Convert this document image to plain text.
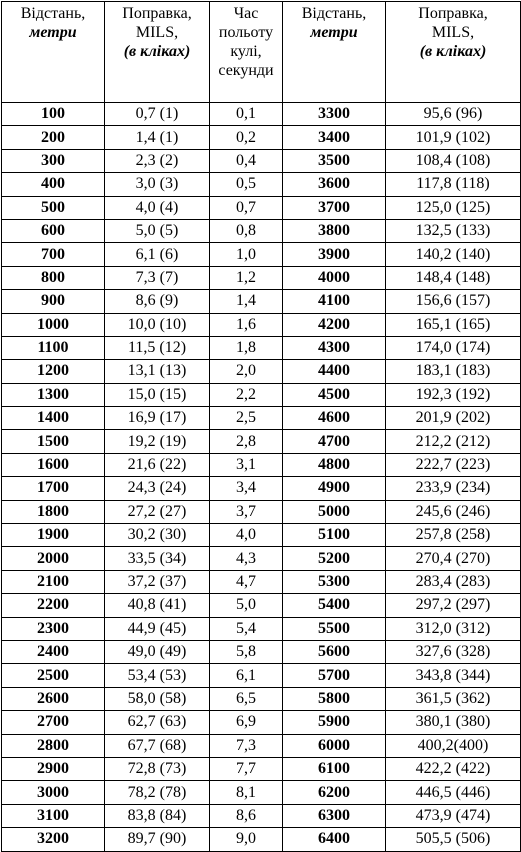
Відстань,
метри	Поправка,
MILS,
(в кліках)	Час
польоту
кулі,
секунди	Відстань,
метри	Поправка,
MILS,
(в кліках)

100	0,7 (1)	0,1	3300	95,6 (96)
200	1,4 (1)	0,2	3400	101,9 (102)
300	2,3 (2)	0,4	3500	108,4 (108)
400	3,0 (3)	0,5	3600	117,8 (118)
500	4,0 (4)	0,7	3700	125,0 (125)
600	5,0 (5)	0,8	3800	132,5 (133)
700	6,1 (6)	1,0	3900	140,2 (140)
800	7,3 (7)	1,2	4000	148,4 (148)
900	8,6 (9)	1,4	4100	156,6 (157)
1000	10,0 (10)	1,6	4200	165,1 (165)
1100	11,5 (12)	1,8	4300	174,0 (174)
1200	13,1 (13)	2,0	4400	183,1 (183)
1300	15,0 (15)	2,2	4500	192,3 (192)
1400	16,9 (17)	2,5	4600	201,9 (202)
1500	19,2 (19)	2,8	4700	212,2 (212)
1600	21,6 (22)	3,1	4800	222,7 (223)
1700	24,3 (24)	3,4	4900	233,9 (234)
1800	27,2 (27)	3,7	5000	245,6 (246)
1900	30,2 (30)	4,0	5100	257,8 (258)
2000	33,5 (34)	4,3	5200	270,4 (270)
2100	37,2 (37)	4,7	5300	283,4 (283)
2200	40,8 (41)	5,0	5400	297,2 (297)
2300	44,9 (45)	5,4	5500	312,0 (312)
2400	49,0 (49)	5,8	5600	327,6 (328)
2500	53,4 (53)	6,1	5700	343,8 (344)
2600	58,0 (58)	6,5	5800	361,5 (362)
2700	62,7 (63)	6,9	5900	380,1 (380)
2800	67,7 (68)	7,3	6000	400,2(400)
2900	72,8 (73)	7,7	6100	422,2 (422)
3000	78,2 (78)	8,1	6200	446,5 (446)
3100	83,8 (84)	8,6	6300	473,9 (474)
3200	89,7 (90)	9,0	6400	505,5 (506)
